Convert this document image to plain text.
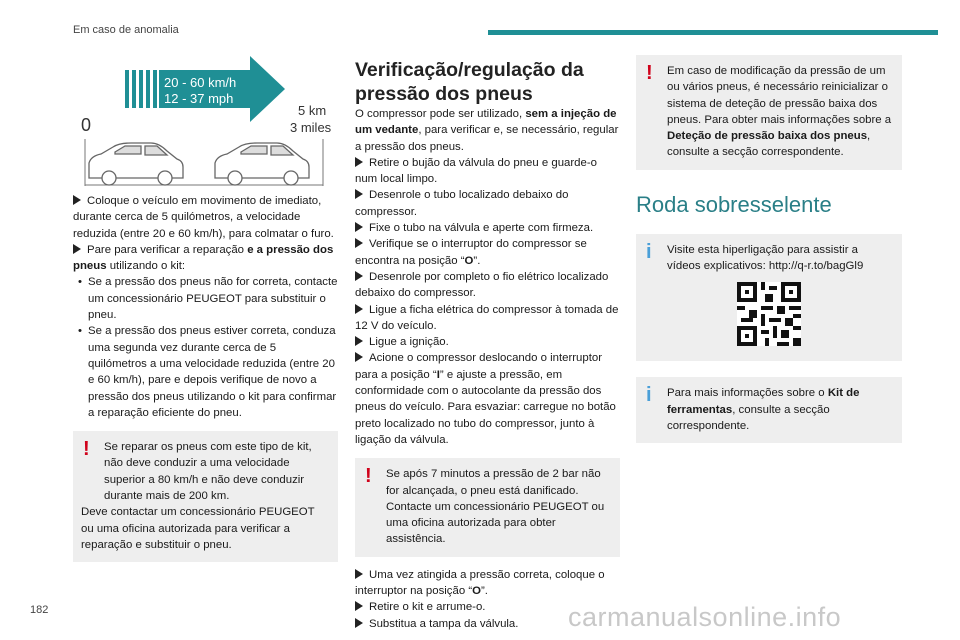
Em caso de anomalia
20 - 60 km/h
12 - 37 mph
0
5 km
3 miles

Coloque o veículo em movimento de imediato, durante cerca de 5 quilómetros, a velocidade reduzida (entre 20 e 60 km/h), para colmatar o furo.

Pare para verificar a reparação e a pressão dos pneus utilizando o kit:

• Se a pressão dos pneus não for correta, contacte um concessionário PEUGEOT para substituir o pneu.

• Se a pressão dos pneus estiver correta, conduza uma segunda vez durante cerca de 5 quilómetros a uma velocidade reduzida (entre 20 e 60 km/h), pare e depois verifique de novo a pressão dos pneus utilizando o kit para confirmar a reparação eficiente do pneu.

!	Se reparar os pneus com este tipo de kit, não deve conduzir a uma velocidade superior a 80 km/h e não deve conduzir durante mais de 200 km.

Deve contactar um concessionário PEUGEOT ou uma oficina autorizada para verificar a reparação e substituir o pneu.

Verificação/regulação da pressão dos pneus

O compressor pode ser utilizado, sem a injeção de um vedante, para verificar e, se necessário, regular a pressão dos pneus.

Retire o bujão da válvula do pneu e guarde-o num local limpo.

Desenrole o tubo localizado debaixo do compressor.

Fixe o tubo na válvula e aperte com firmeza.

Verifique se o interruptor do compressor se encontra na posição “O”.

Desenrole por completo o fio elétrico localizado debaixo do compressor.

Ligue a ficha elétrica do compressor à tomada de 12 V do veículo.

Ligue a ignição.

Acione o compressor deslocando o interruptor para a posição “I” e ajuste a pressão, em conformidade com o autocolante da pressão dos pneus do veículo. Para esvaziar: carregue no botão preto localizado no tubo do compressor, junto à ligação da válvula.

!	Se após 7 minutos a pressão de 2 bar não for alcançada, o pneu está danificado. Contacte um concessionário PEUGEOT ou uma oficina autorizada para obter assistência.

Uma vez atingida a pressão correta, coloque o interruptor na posição “O”.

Retire o kit e arrume-o.

Substitua a tampa da válvula.

!	Em caso de modificação da pressão de um ou vários pneus, é necessário reinicializar o sistema de deteção de pressão baixa dos pneus. Para obter mais informações sobre a Deteção de pressão baixa dos pneus, consulte a secção correspondente.

Roda sobresselente

i	Visite esta hiperligação para assistir a vídeos explicativos: http://q-r.to/bagGl9

i	Para mais informações sobre o Kit de ferramentas, consulte a secção correspondente.

182	carmanualsonline.info
